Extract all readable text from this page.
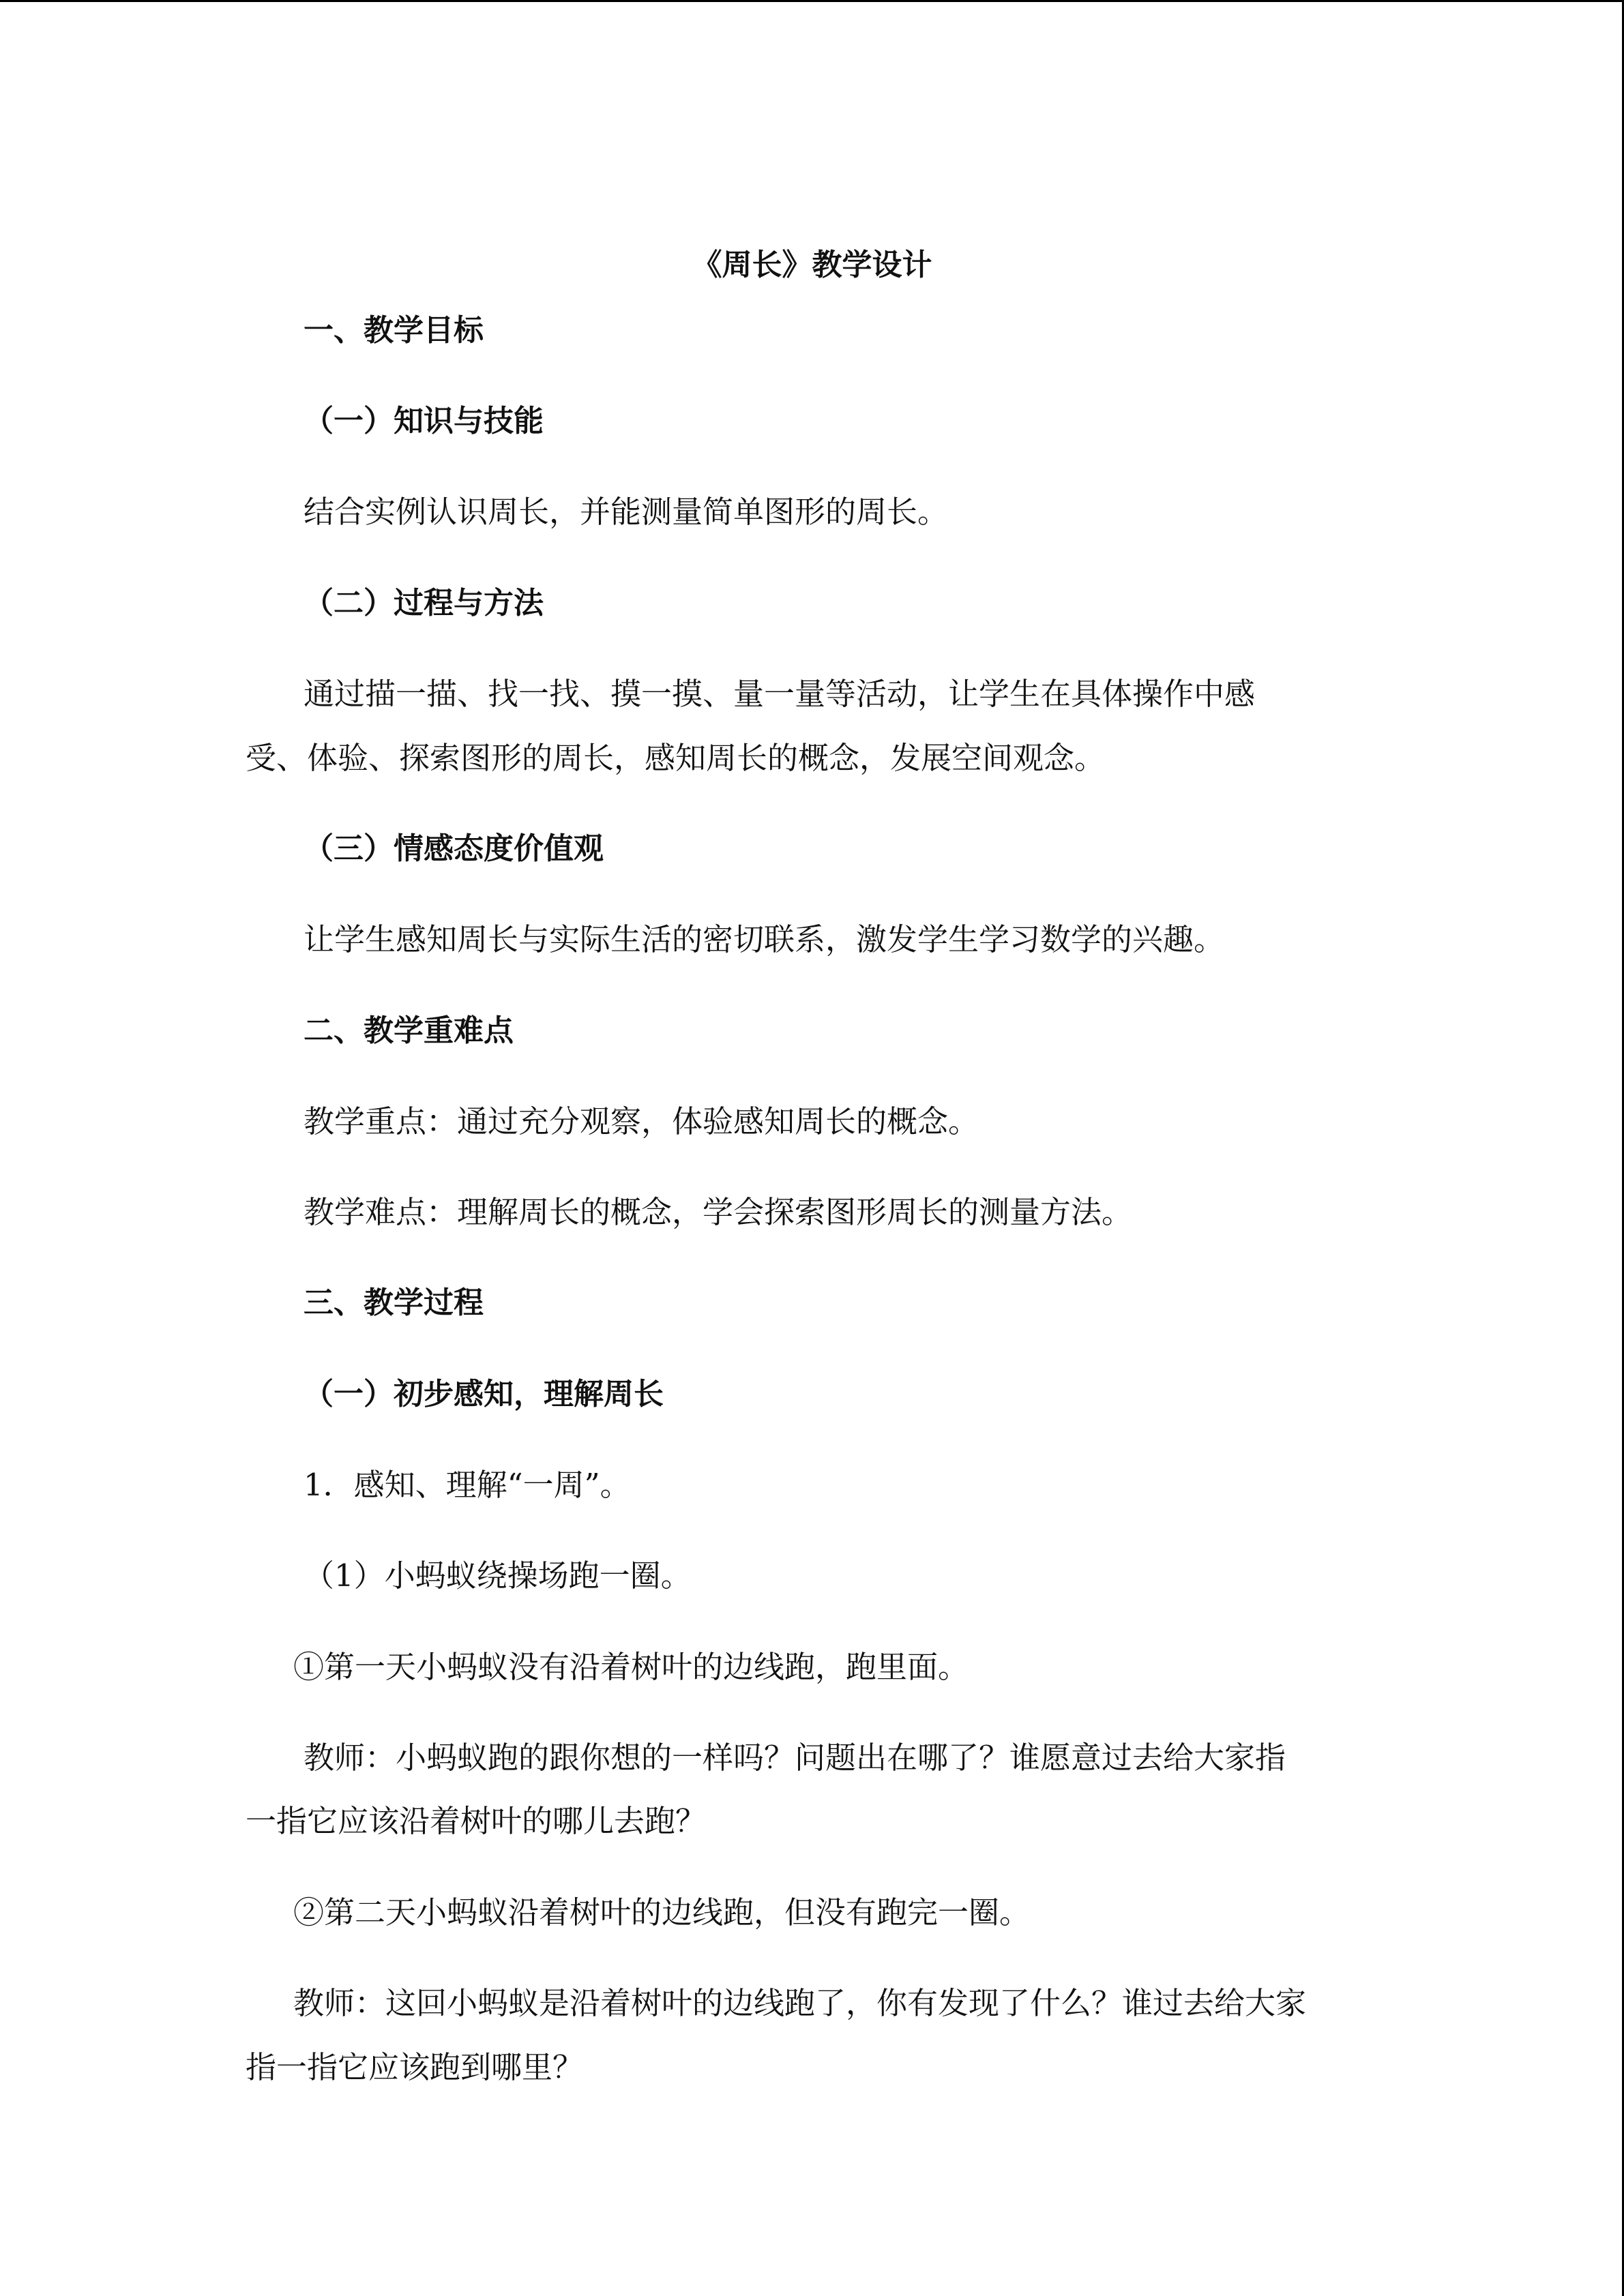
《周长》教学设计
一、教学目标
（一）知识与技能
结合实例认识周长，并能测量简单图形的周长。
（二）过程与方法
通过描一描、找一找、摸一摸、量一量等活动，让学生在具体操作中感
受、体验、探索图形的周长，感知周长的概念，发展空间观念。
（三）情感态度价值观
让学生感知周长与实际生活的密切联系，激发学生学习数学的兴趣。
二、教学重难点
教学重点：通过充分观察，体验感知周长的概念。
教学难点：理解周长的概念，学会探索图形周长的测量方法。
三、教学过程
（一）初步感知，理解周长
1．感知、理解“一周”。
（1）小蚂蚁绕操场跑一圈。
①第一天小蚂蚁没有沿着树叶的边线跑，跑里面。
教师：小蚂蚁跑的跟你想的一样吗？问题出在哪了？谁愿意过去给大家指
一指它应该沿着树叶的哪儿去跑？
②第二天小蚂蚁沿着树叶的边线跑，但没有跑完一圈。
教师：这回小蚂蚁是沿着树叶的边线跑了，你有发现了什么？谁过去给大家
指一指它应该跑到哪里？
